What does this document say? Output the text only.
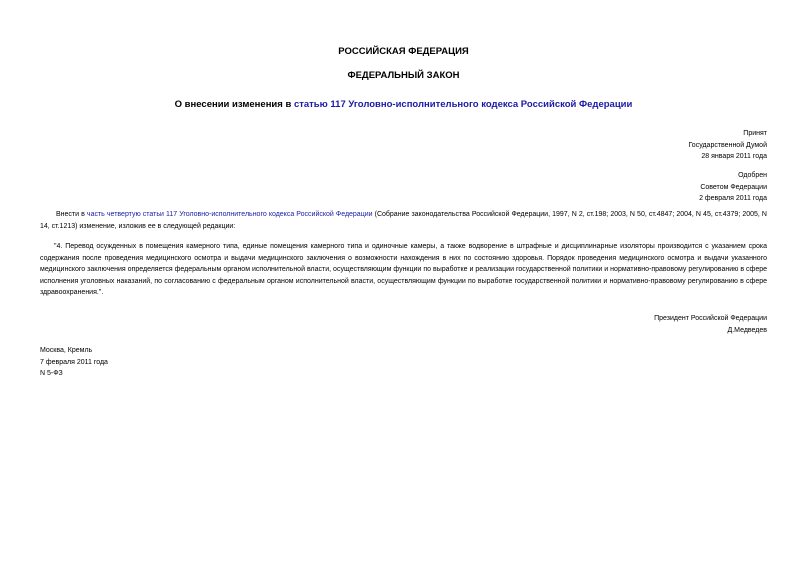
РОССИЙСКАЯ ФЕДЕРАЦИЯ
ФЕДЕРАЛЬНЫЙ ЗАКОН
О внесении изменения в статью 117 Уголовно-исполнительного кодекса Российской Федерации
Принят
Государственной Думой
28 января 2011 года
Одобрен
Советом Федерации
2 февраля 2011 года
Внести в часть четвертую статьи 117 Уголовно-исполнительного кодекса Российской Федерации (Собрание законодательства Российской Федерации, 1997, N 2, ст.198; 2003, N 50, ст.4847; 2004, N 45, ст.4379; 2005, N 14, ст.1213) изменение, изложив ее в следующей редакции:
"4. Перевод осужденных в помещения камерного типа, единые помещения камерного типа и одиночные камеры, а также водворение в штрафные и дисциплинарные изоляторы производится с указанием срока содержания после проведения медицинского осмотра и выдачи медицинского заключения о возможности нахождения в них по состоянию здоровья. Порядок проведения медицинского осмотра и выдачи указанного медицинского заключения определяется федеральным органом исполнительной власти, осуществляющим функции по выработке и реализации государственной политики и нормативно-правовому регулированию в сфере исполнения уголовных наказаний, по согласованию с федеральным органом исполнительной власти, осуществляющим функции по выработке государственной политики и нормативно-правовому регулированию в сфере здравоохранения.".
Президент Российской Федерации
Д.Медведев
Москва, Кремль
7 февраля 2011 года
N 5-ФЗ
